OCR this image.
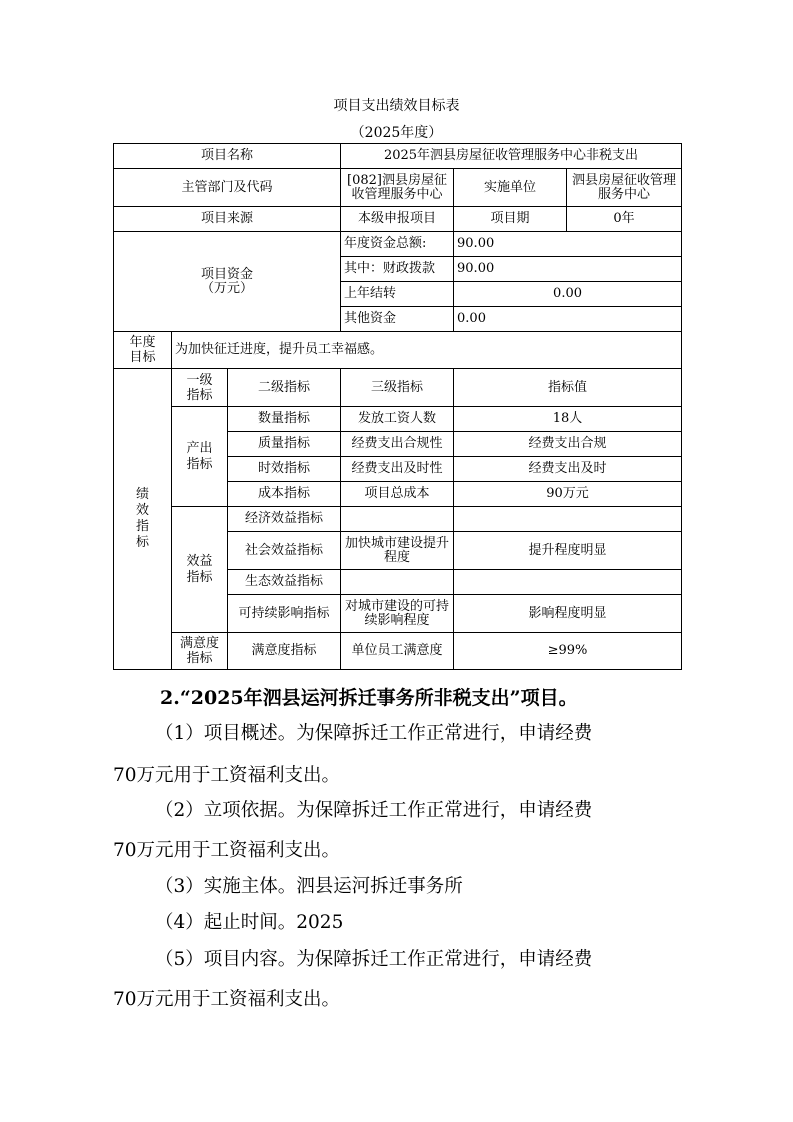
项目支出绩效目标表
（2025年度）
项目名称			2025年泗县房屋征收管理服务中心非税支出		
主管部门及代码			[082]泗县房屋征收管理服务中心	实施单位	泗县房屋征收管理服务中心
项目来源			本级申报项目	项目期	0年

项目资金
（万元）			年度资金总额:	90.00	
			其中：财政拨款	90.00	
			上年结转	0.00	
			其他资金	0.00	
年度目标	为加快征迁进度，提升员工幸福感。				
绩效指标	一级指标	二级指标	三级指标	指标值	
	产出指标	数量指标	发放工资人数	18人	
		质量指标	经费支出合规性	经费支出合规	
		时效指标	经费支出及时性	经费支出及时	
		成本指标	项目总成本	90万元	
	效益指标	经济效益指标			
		社会效益指标	加快城市建设提升程度	提升程度明显	
		生态效益指标			
		可持续影响指标	对城市建设的可持续影响程度	影响程度明显	
	满意度指标	满意度指标	单位员工满意度	≥99%	
2.“2025年泗县运河拆迁事务所非税支出”项目。
（1）项目概述。为保障拆迁工作正常进行，申请经费
70万元用于工资福利支出。
（2）立项依据。为保障拆迁工作正常进行，申请经费
70万元用于工资福利支出。
（3）实施主体。泗县运河拆迁事务所
（4）起止时间。2025
（5）项目内容。为保障拆迁工作正常进行，申请经费
70万元用于工资福利支出。
